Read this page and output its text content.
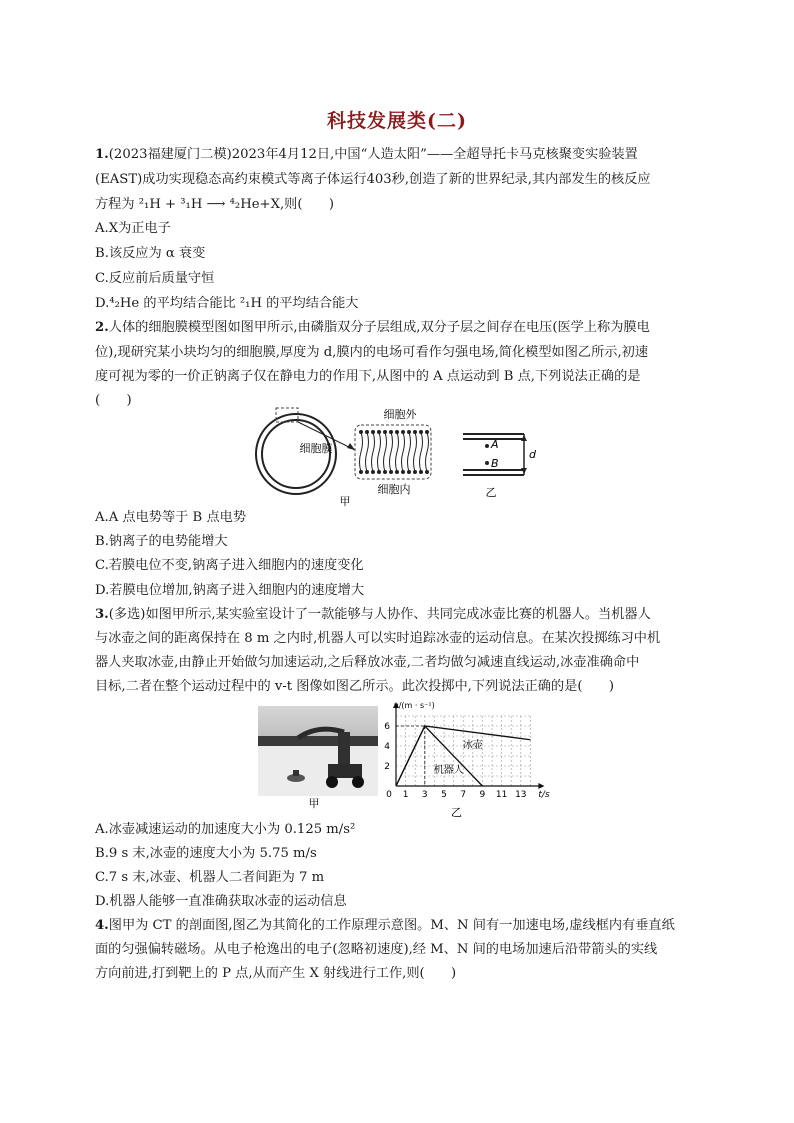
科技发展类(二)
1.(2023福建厦门二模)2023年4月12日,中国“人造太阳”——全超导托卡马克核聚变实验装置
(EAST)成功实现稳态高约束模式等离子体运行403秒,创造了新的世界纪录,其内部发生的核反应
方程为 ²₁H + ³₁H ⟶ ⁴₂He+X,则(　　)
A.X为正电子
B.该反应为 α 衰变
C.反应前后质量守恒
D.⁴₂He 的平均结合能比 ²₁H 的平均结合能大
2.人体的细胞膜模型图如图甲所示,由磷脂双分子层组成,双分子层之间存在电压(医学上称为膜电
位),现研究某小块均匀的细胞膜,厚度为 d,膜内的电场可看作匀强电场,简化模型如图乙所示,初速
度可视为零的一价正钠离子仅在静电力的作用下,从图中的 A 点运动到 B 点,下列说法正确的是
(　　)
细胞外
细胞膜
细胞内
甲
A
B
d
乙
A.A 点电势等于 B 点电势
B.钠离子的电势能增大
C.若膜电位不变,钠离子进入细胞内的速度变化
D.若膜电位增加,钠离子进入细胞内的速度增大
3.(多选)如图甲所示,某实验室设计了一款能够与人协作、共同完成冰壶比赛的机器人。当机器人
与冰壶之间的距离保持在 8 m 之内时,机器人可以实时追踪冰壶的运动信息。在某次投掷练习中机
器人夹取冰壶,由静止开始做匀加速运动,之后释放冰壶,二者均做匀减速直线运动,冰壶准确命中
目标,二者在整个运动过程中的 v-t 图像如图乙所示。此次投掷中,下列说法正确的是(　　)
甲
0 1 3 5 7 9 11 13
2
4
6
v/(m · s⁻¹)
t/s
冰壶
机器人
乙
A.冰壶减速运动的加速度大小为 0.125 m/s²
B.9 s 末,冰壶的速度大小为 5.75 m/s
C.7 s 末,冰壶、机器人二者间距为 7 m
D.机器人能够一直准确获取冰壶的运动信息
4.图甲为 CT 的剖面图,图乙为其简化的工作原理示意图。M、N 间有一加速电场,虚线框内有垂直纸
面的匀强偏转磁场。从电子枪逸出的电子(忽略初速度),经 M、N 间的电场加速后沿带箭头的实线
方向前进,打到靶上的 P 点,从而产生 X 射线进行工作,则(　　)
